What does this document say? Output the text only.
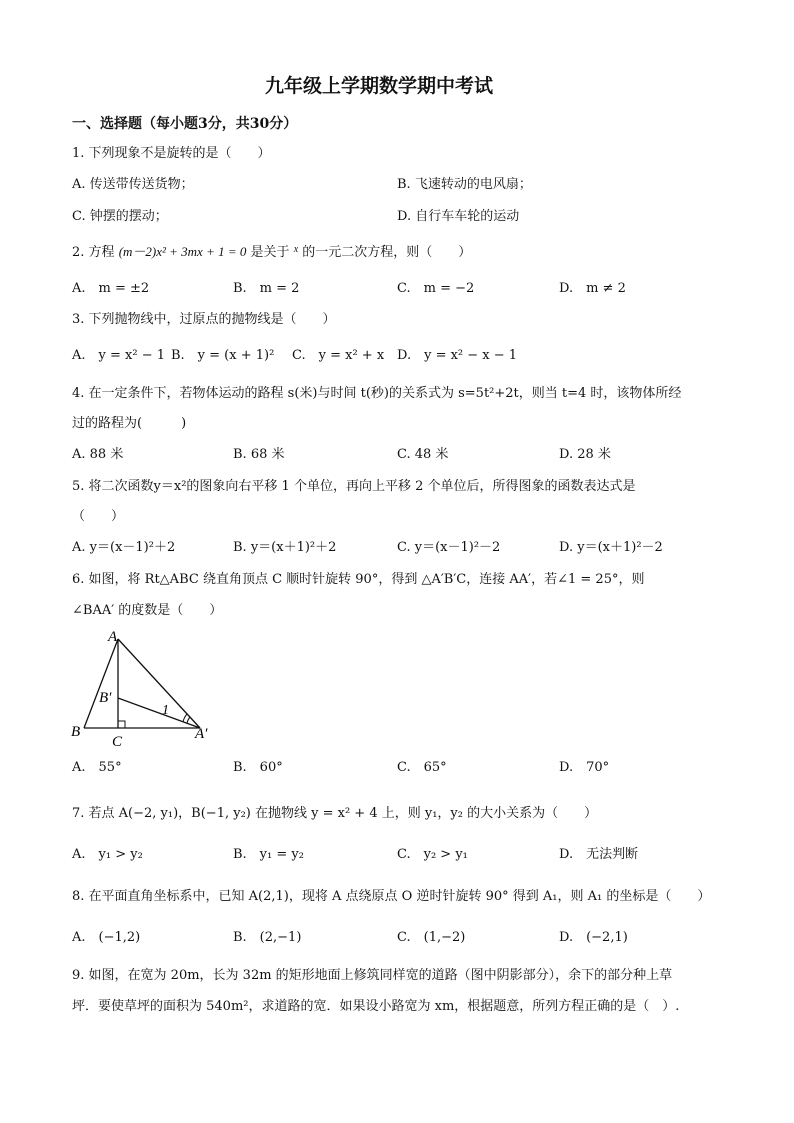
九年级上学期数学期中考试
一、选择题（每小题3分，共30分）
1. 下列现象不是旋转的是（　　）
A. 传送带传送货物；	B. 飞速转动的电风扇；
C. 钟摆的摆动；	D. 自行车车轮的运动
2. 方程 (m－2)x² + 3mx + 1 = 0 是关于 $^x$ 的一元二次方程，则（　　）
A.　m = ±2	B.　m = 2	C.　m = −2	D.　m ≠ 2
3. 下列抛物线中，过原点的抛物线是（　　）
A.　y = x² − 1 B.　y = (x + 1)² C.　y = x² + x D.　y = x² − x − 1
4. 在一定条件下，若物体运动的路程 s(米)与时间 t(秒)的关系式为 s=5t²+2t，则当 t=4 时，该物体所经
过的路程为(　　　)
A. 88 米	B. 68 米	C. 48 米	D. 28 米
5. 将二次函数y＝x²的图象向右平移 1 个单位，再向上平移 2 个单位后，所得图象的函数表达式是
（　　）
A. y＝(x－1)²＋2	B. y＝(x＋1)²＋2	C. y＝(x－1)²－2	D. y＝(x＋1)²－2
6. 如图，将 Rt△ABC 绕直角顶点 C 顺时针旋转 90°，得到 △A′B′C，连接 AA′，若∠1 = 25°，则
∠BAA′ 的度数是（　　）
A
B′
1
B
C	A′
A.　55°	B.　60°	C.　65°	D.　70°
7. 若点 A(−2, y₁)，B(−1, y₂) 在抛物线 y = x² + 4 上，则 y₁，y₂ 的大小关系为（　　）
A.　y₁ > y₂	B.　y₁ = y₂	C.　y₂ > y₁	D.　无法判断
8. 在平面直角坐标系中，已知 A(2,1)，现将 A 点绕原点 O 逆时针旋转 90° 得到 A₁，则 A₁ 的坐标是（　　）
A.　(−1,2)	B.　(2,−1)	C.　(1,−2)	D.　(−2,1)
9. 如图，在宽为 20m，长为 32m 的矩形地面上修筑同样宽的道路（图中阴影部分），余下的部分种上草
坪．要使草坪的面积为 540m²，求道路的宽．如果设小路宽为 xm，根据题意，所列方程正确的是（　）.
